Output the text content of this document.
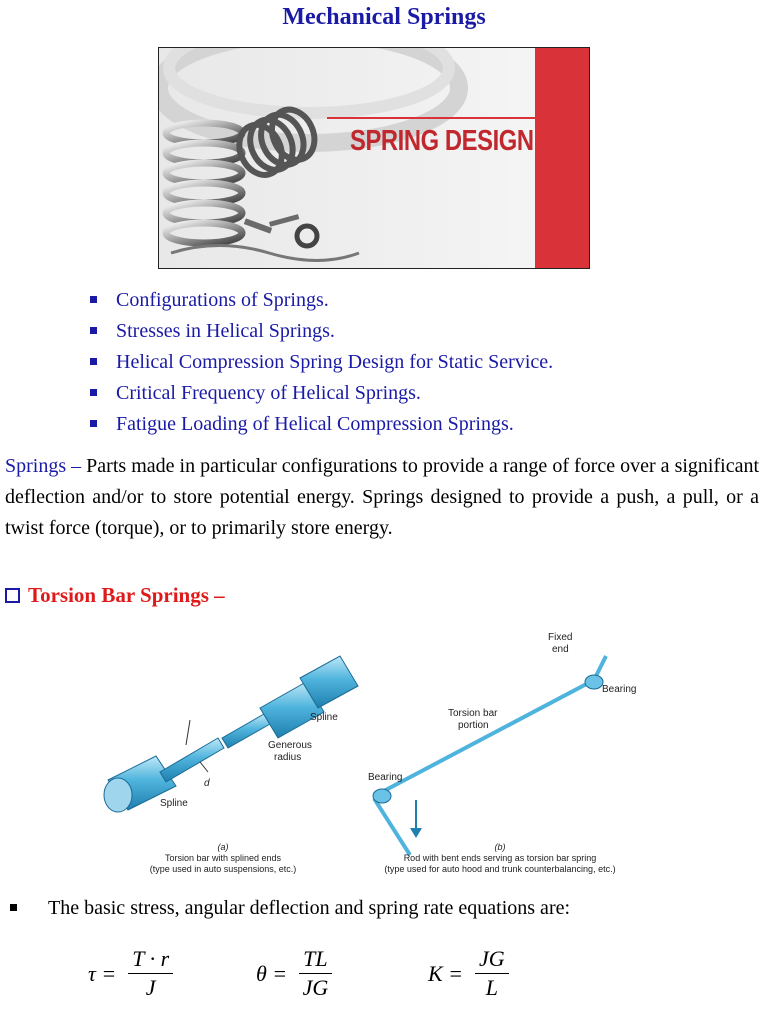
Mechanical Springs
SPRING DESIGN
Configurations of Springs.
Stresses in Helical Springs.
Helical Compression Spring Design for Static Service.
Critical Frequency of Helical Springs.
Fatigue Loading of Helical Compression Springs.
Springs – Parts made in particular configurations to provide a range of force over a significant deflection and/or to store potential energy. Springs designed to provide a push, a pull, or a twist force (torque), or to primarily store energy.
Torsion Bar Springs –
Spline
Generous
radius
d
Spline
(a)
Torsion bar with splined ends
(type used in auto suspensions, etc.)
Fixed
end
Bearing
Torsion bar
portion
Bearing
(b)
Rod with bent ends serving as torsion bar spring
(type used for auto hood and trunk counterbalancing, etc.)
The basic stress, angular deflection and spring rate equations are:
$\tau = \frac{T \cdot r}{J}$	$\theta = \frac{TL}{JG}$	$K = \frac{JG}{L}$
